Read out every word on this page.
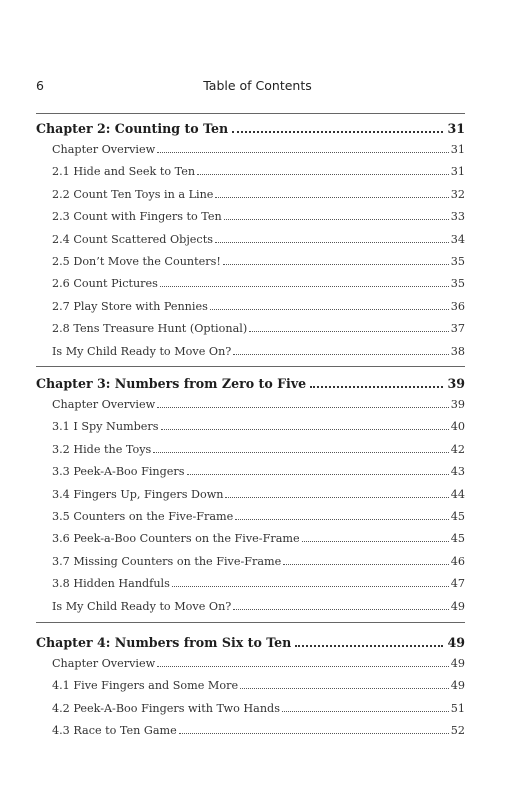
6	Table of Contents
Chapter 2: Counting to Ten	31
Chapter Overview	31
2.1 Hide and Seek to Ten	31
2.2 Count Ten Toys in a Line	32
2.3 Count with Fingers to Ten	33
2.4 Count Scattered Objects	34
2.5 Don’t Move the Counters!	35
2.6 Count Pictures	35
2.7 Play Store with Pennies	36
2.8 Tens Treasure Hunt (Optional)	37
Is My Child Ready to Move On?	38
Chapter 3: Numbers from Zero to Five	39
Chapter Overview	39
3.1 I Spy Numbers	40
3.2 Hide the Toys	42
3.3 Peek-A-Boo Fingers	43
3.4 Fingers Up, Fingers Down	44
3.5 Counters on the Five-Frame	45
3.6 Peek-a-Boo Counters on the Five-Frame	45
3.7 Missing Counters on the Five-Frame	46
3.8 Hidden Handfuls	47
Is My Child Ready to Move On?	49
Chapter 4: Numbers from Six to Ten	49
Chapter Overview	49
4.1 Five Fingers and Some More	49
4.2 Peek-A-Boo Fingers with Two Hands	51
4.3 Race to Ten Game	52
